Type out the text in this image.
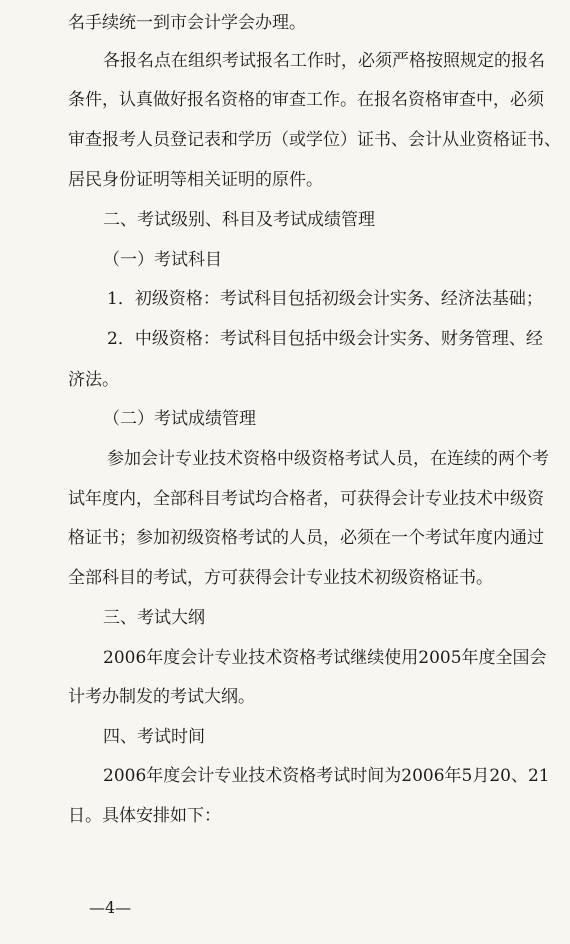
名手续统一到市会计学会办理。
各报名点在组织考试报名工作时，必须严格按照规定的报名
条件，认真做好报名资格的审查工作。在报名资格审查中，必须
审查报考人员登记表和学历（或学位）证书、会计从业资格证书、
居民身份证明等相关证明的原件。
二、考试级别、科目及考试成绩管理
（一）考试科目
1．初级资格：考试科目包括初级会计实务、经济法基础；
2．中级资格：考试科目包括中级会计实务、财务管理、经
济法。
（二）考试成绩管理
参加会计专业技术资格中级资格考试人员，在连续的两个考
试年度内，全部科目考试均合格者，可获得会计专业技术中级资
格证书；参加初级资格考试的人员，必须在一个考试年度内通过
全部科目的考试，方可获得会计专业技术初级资格证书。
三、考试大纲
2006年度会计专业技术资格考试继续使用2005年度全国会
计考办制发的考试大纲。
四、考试时间
2006年度会计专业技术资格考试时间为2006年5月20、21
日。具体安排如下：
—4—
